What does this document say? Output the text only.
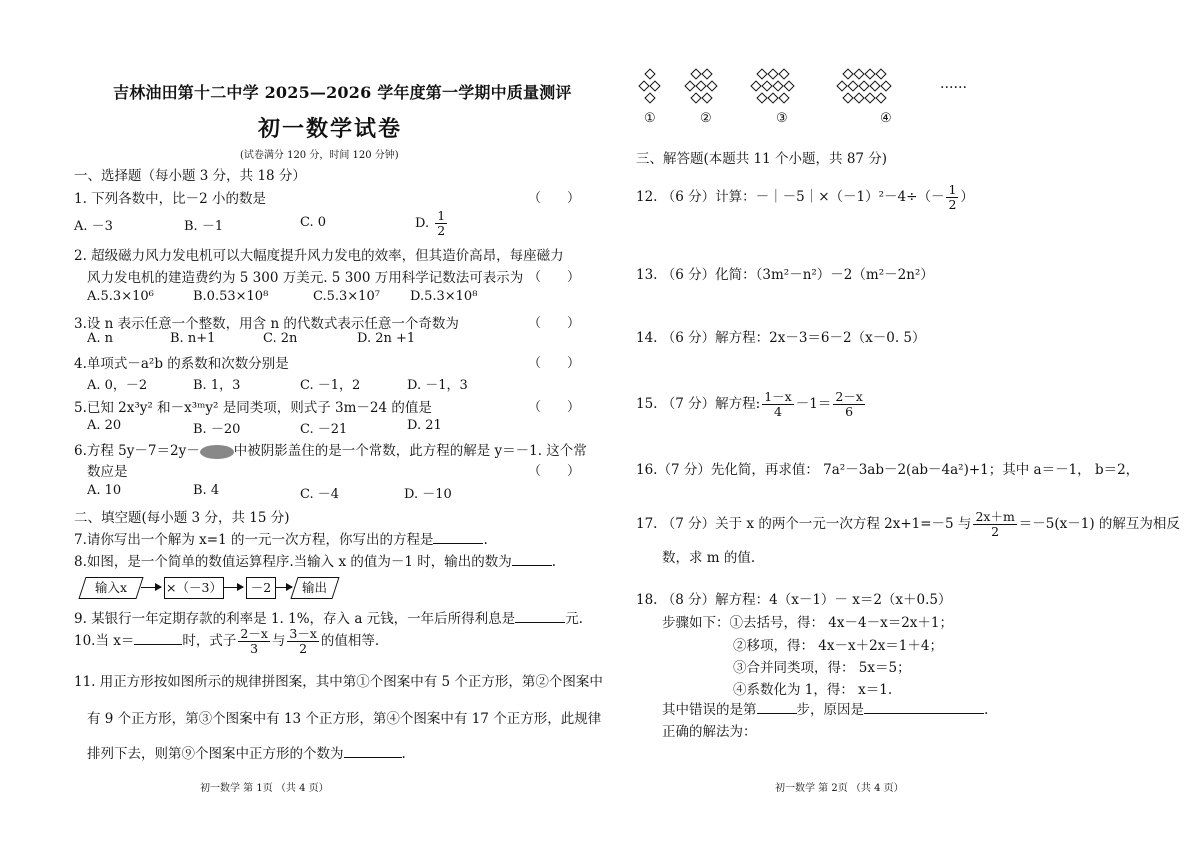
吉林油田第十二中学 2025—2026 学年度第一学期中质量测评
初一数学试卷
(试卷满分 120 分，时间 120 分钟)
一、选择题（每小题 3 分，共 18 分）
1. 下列各数中，比－2 小的数是	（　　）
A. －3	B. －1	C. 0	D. $\frac{1}{2}$
2. 超级磁力风力发电机可以大幅度提升风力发电的效率，但其造价高昂，每座磁力
风力发电机的建造费约为 5 300 万美元. 5 300 万用科学记数法可表示为 （　　）
A.5.3×10⁶	B.0.53×10⁸	C.5.3×10⁷ D.5.3×10⁸
3.设 n 表示任意一个整数，用含 n 的代数式表示任意一个奇数为	（　　）
A. n	B. n+1	C. 2n	D. 2n +1
4.单项式－a²b 的系数和次数分别是	（　　）
A. 0，－2	B. 1，3	C. －1，2	D. －1，3
5.已知 2x³y² 和－x³ᵐy² 是同类项，则式子 3m－24 的值是	（　　）
A. 20	B. －20	C. －21	D. 21
6.方程 5y－7＝2y－	中被阴影盖住的是一个常数，此方程的解是 y＝－1. 这个常
数应是	（　　）
A. 10	B. 4	C. －4	D. －10
二、填空题(每小题 3 分，共 15 分)
7.请你写出一个解为 x=1 的一元一次方程，你写出的方程是	.
8.如图，是一个简单的数值运算程序.当输入 x 的值为－1 时，输出的数为	.
输入x	×（－3）	－2	输出
9. 某银行一年定期存款的利率是 1. 1%，存入 a 元钱，一年后所得利息是	元.
10.当 x＝	时，式子 $\frac{2-x}{3}$ 与 $\frac{3-x}{2}$ 的值相等.
11. 用正方形按如图所示的规律拼图案，其中第①个图案中有 5 个正方形，第②个图案中
有 9 个正方形，第③个图案中有 13 个正方形，第④个图案中有 17 个正方形，此规律
排列下去，则第⑨个图案中正方形的个数为	.
初一数学 第 1页 （共 4 页）
①	②	③	④
……
三、解答题(本题共 11 个小题，共 87 分)
12. （6 分）计算：－｜－5｜×（－1）²－4÷（－ $\frac{1}{2}$ ）
13. （6 分）化简：（3m²－n²）－2（m²－2n²）
14. （6 分）解方程：2x－3＝6－2（x－0. 5）
15. （7 分）解方程: $\frac{1-x}{4} -1= \frac{2-x}{6}$
16.（7 分）先化简，再求值： 7a²－3ab－2(ab－4a²)+1；其中 a＝－1， b＝2，
17. （7 分）关于 x 的两个一元一次方程 2x+1=－5 与 $\frac{2x+m}{2} =-5(x-1)$ 的解互为相反
数，求 m 的值.
18. （8 分）解方程：4（x－1）－ x＝2（x＋0.5）
步骤如下：①去括号，得： 4x－4－x＝2x＋1；
②移项，得： 4x－x＋2x＝1＋4；
③合并同类项，得： 5x＝5；
④系数化为 1，得： x＝1.
其中错误的是第	步，原因是	.
正确的解法为：
初一数学 第 2页 （共 4 页）
